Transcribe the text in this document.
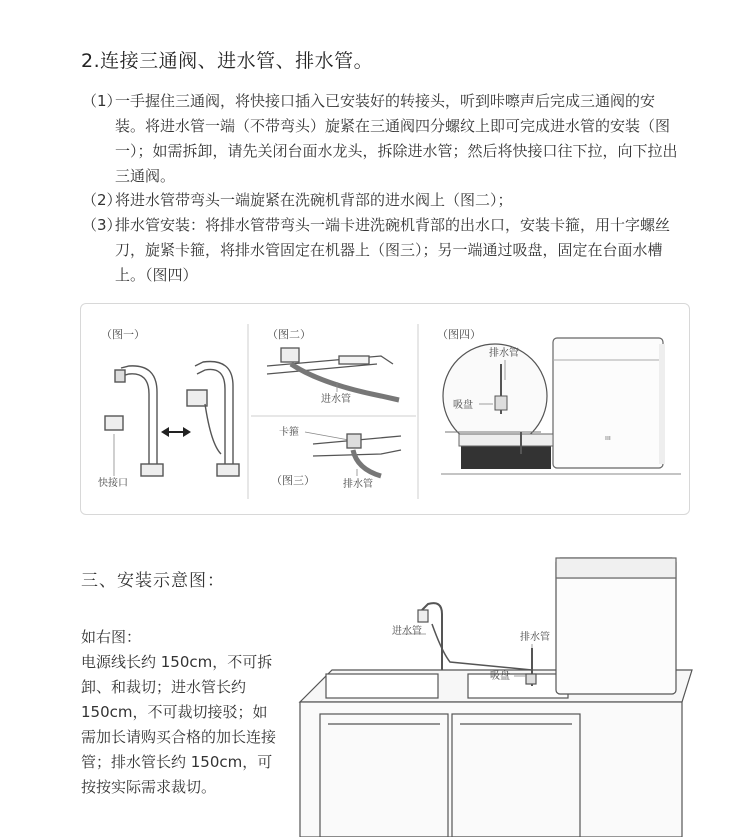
2.连接三通阀、进水管、排水管。
（1）
一手握住三通阀，将快接口插入已安装好的转接头，听到咔嚓声后完成三通阀的安装。将进水管一端（不带弯头）旋紧在三通阀四分螺纹上即可完成进水管的安装（图一）；如需拆卸，请先关闭台面水龙头，拆除进水管；然后将快接口往下拉，向下拉出三通阀。
（2）
将进水管带弯头一端旋紧在洗碗机背部的进水阀上（图二）；
（3）
排水管安装：将排水管带弯头一端卡进洗碗机背部的出水口，安装卡箍，用十字螺丝刀，旋紧卡箍，将排水管固定在机器上（图三）；另一端通过吸盘，固定在台面水槽上。（图四）
（图一）
快接口
（图二）
进水管
卡箍
（图三）	排水管
（图四）
ııı
排水管
吸盘
三、安装示意图：
如右图：
电源线长约 150cm，不可拆卸、和裁切；进水管长约 150cm，不可裁切接驳；如需加长请购买合格的加长连接管；排水管长约 150cm，可按按实际需求裁切。
进水管
排水管
吸盘
